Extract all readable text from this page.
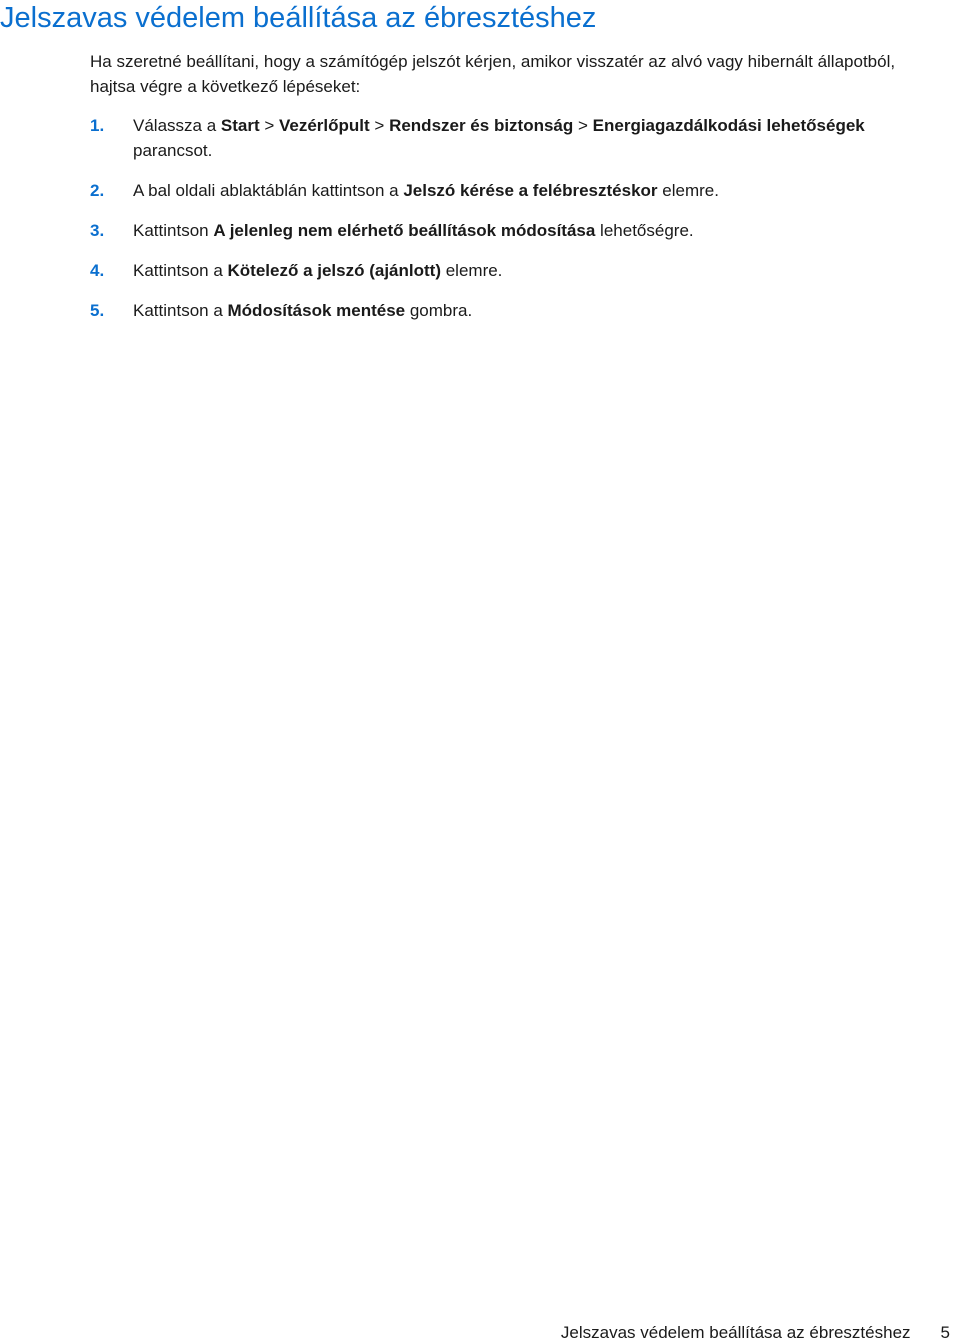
Jelszavas védelem beállítása az ébresztéshez

Ha szeretné beállítani, hogy a számítógép jelszót kérjen, amikor visszatér az alvó vagy hibernált állapotból, hajtsa végre a következő lépéseket:

1. Válassza a Start > Vezérlőpult > Rendszer és biztonság > Energiagazdálkodási lehetőségek parancsot.
2. A bal oldali ablaktáblán kattintson a Jelszó kérése a felébresztéskor elemre.
3. Kattintson A jelenleg nem elérhető beállítások módosítása lehetőségre.
4. Kattintson a Kötelező a jelszó (ajánlott) elemre.
5. Kattintson a Módosítások mentése gombra.
Jelszavas védelem beállítása az ébresztéshez 5
